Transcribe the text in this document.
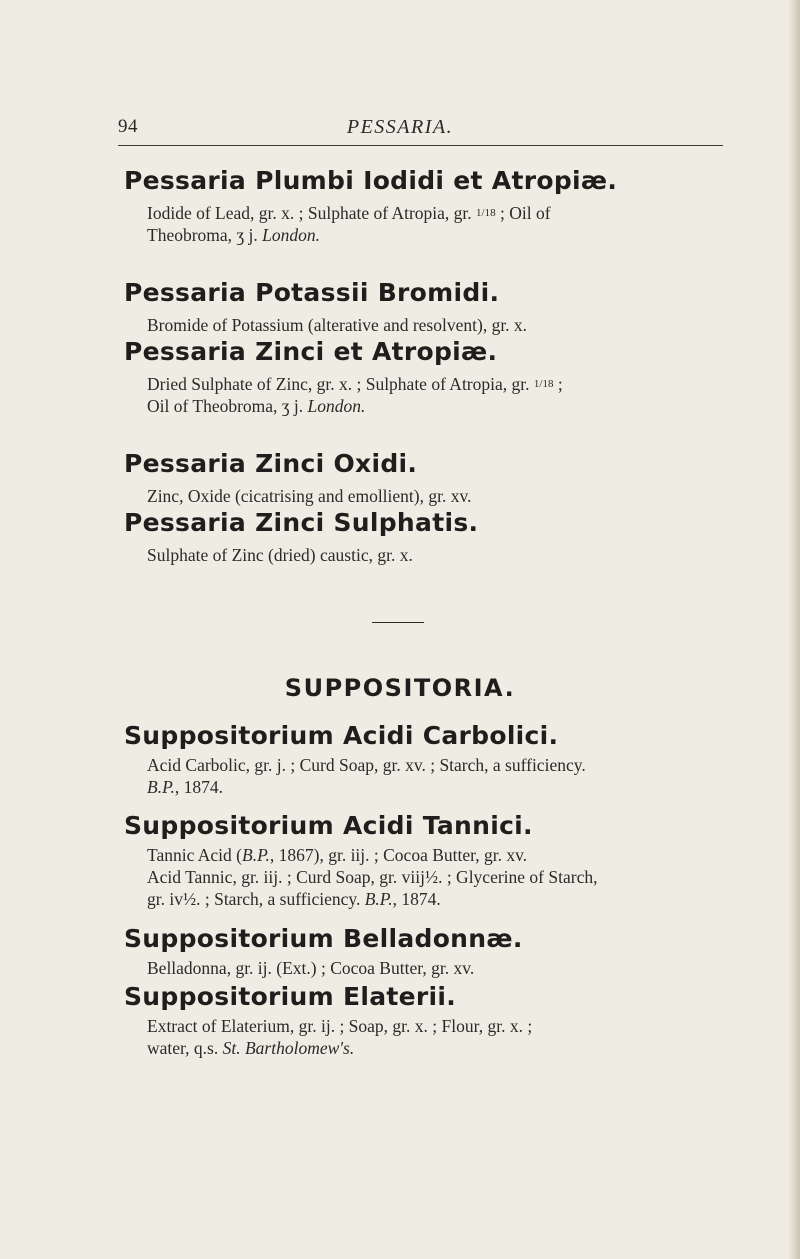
94	PESSARIA.
Pessaria Plumbi Iodidi et Atropiæ.
Iodide of Lead, gr. x. ; Sulphate of Atropia, gr. 1/18 ; Oil of
Theobroma, ʒ j. London.
Pessaria Potassii Bromidi.
Bromide of Potassium (alterative and resolvent), gr. x.
Pessaria Zinci et Atropiæ.
Dried Sulphate of Zinc, gr. x. ; Sulphate of Atropia, gr. 1/18 ;
Oil of Theobroma, ʒ j. London.
Pessaria Zinci Oxidi.
Zinc, Oxide (cicatrising and emollient), gr. xv.
Pessaria Zinci Sulphatis.
Sulphate of Zinc (dried) caustic, gr. x.
SUPPOSITORIA.
Suppositorium Acidi Carbolici.
Acid Carbolic, gr. j. ; Curd Soap, gr. xv. ; Starch, a sufficiency.
B.P., 1874.
Suppositorium Acidi Tannici.
Tannic Acid (B.P., 1867), gr. iij. ; Cocoa Butter, gr. xv.
Acid Tannic, gr. iij. ; Curd Soap, gr. viij½. ; Glycerine of Starch,
gr. iv½. ; Starch, a sufficiency. B.P., 1874.
Suppositorium Belladonnæ.
Belladonna, gr. ij. (Ext.) ; Cocoa Butter, gr. xv.
Suppositorium Elaterii.
Extract of Elaterium, gr. ij. ; Soap, gr. x. ; Flour, gr. x. ;
water, q.s. St. Bartholomew's.
